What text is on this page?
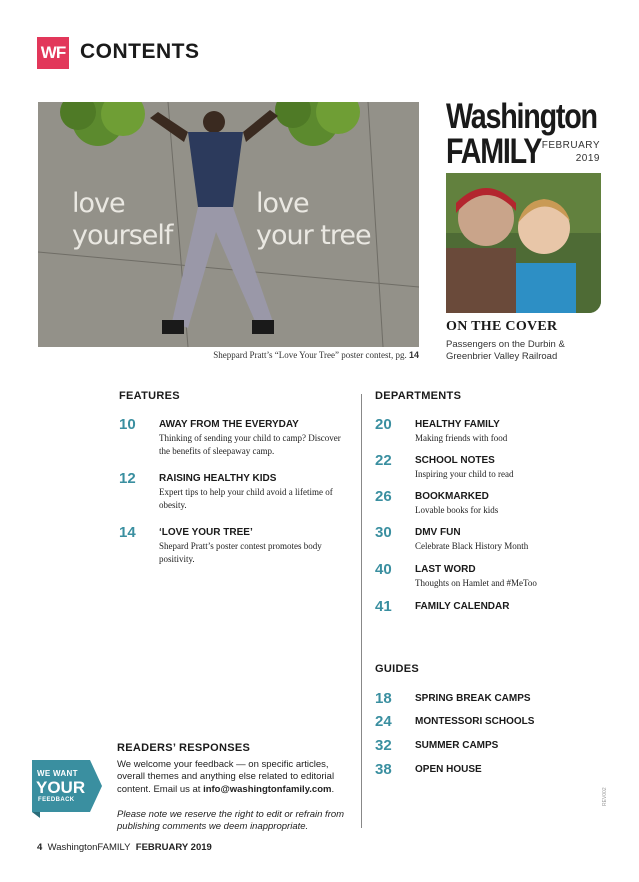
WF CONTENTS
love
yourself
love
your tree
Sheppard Pratt’s “Love Your Tree” poster contest, pg. 14
Washington
FAMILY FEBRUARY
2019
ON THE COVER
Passengers on the Durbin & Greenbrier Valley Railroad
FEATURES
10 AWAY FROM THE EVERYDAY
Thinking of sending your child to camp? Discover the benefits of sleepaway camp.
12 RAISING HEALTHY KIDS
Expert tips to help your child avoid a lifetime of obesity.
14 ‘LOVE YOUR TREE’
Shepard Pratt’s poster contest promotes body positivity.
DEPARTMENTS
20 HEALTHY FAMILY
Making friends with food
22 SCHOOL NOTES
Inspiring your child to read
26 BOOKMARKED
Lovable books for kids
30 DMV FUN
Celebrate Black History Month
40 LAST WORD
Thoughts on Hamlet and #MeToo
41 FAMILY CALENDAR
GUIDES
18 SPRING BREAK CAMPS
24 MONTESSORI SCHOOLS
32 SUMMER CAMPS
38 OPEN HOUSE
WE WANT
YOUR
FEEDBACK
READERS’ RESPONSES
We welcome your feedback — on specific articles, overall themes and anything else related to editorial content. Email us at info@washingtonfamily.com.
Please note we reserve the right to edit or refrain from publishing comments we deem inappropriate.
4 WashingtonFAMILY FEBRUARY 2019
REV002
